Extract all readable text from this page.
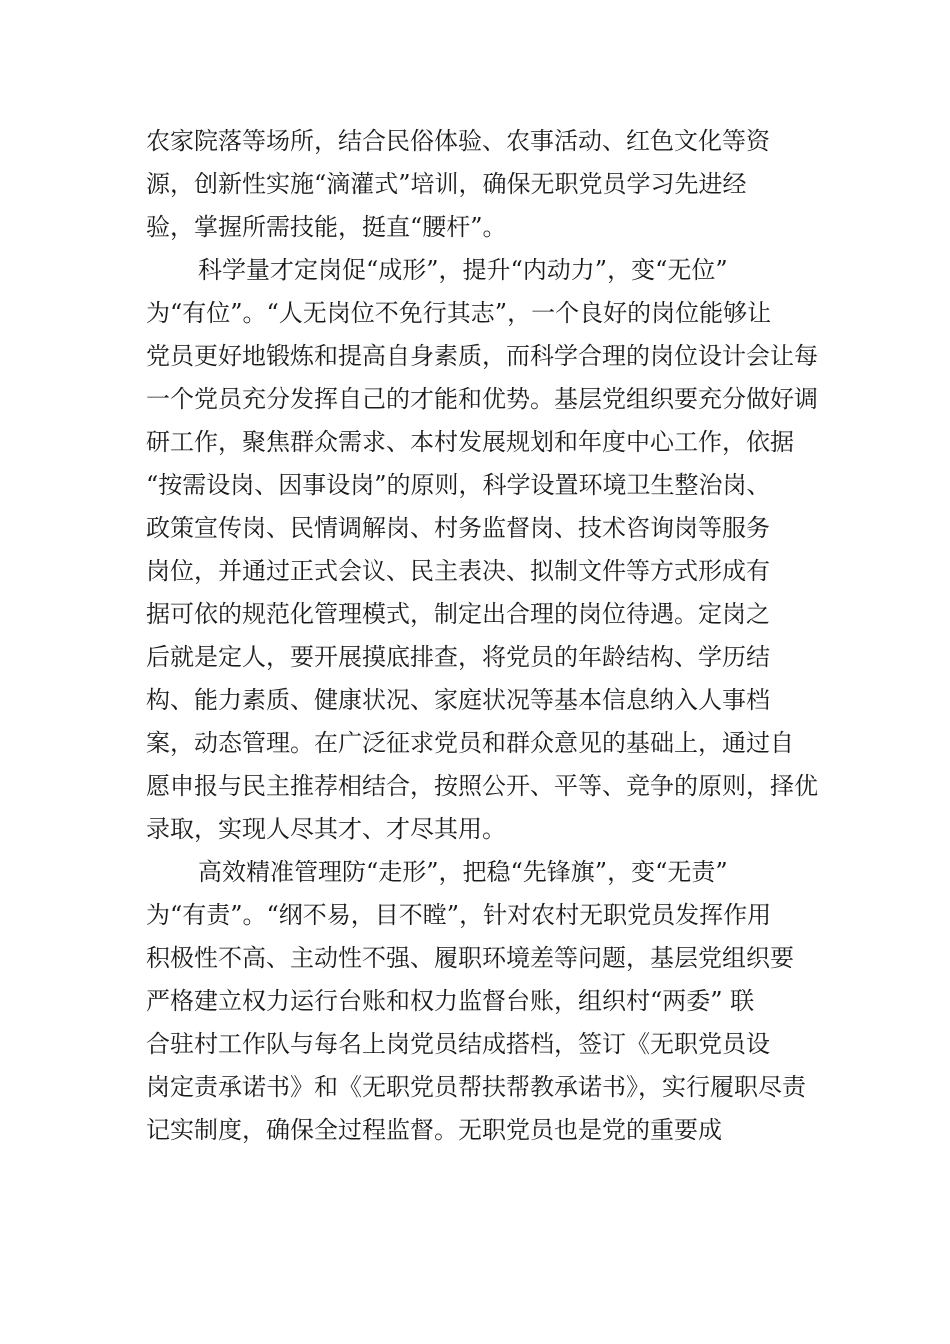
农家院落等场所，结合民俗体验、农事活动、红色文化等资
源，创新性实施“滴灌式”培训，确保无职党员学习先进经
验，掌握所需技能，挺直“腰杆”。
科学量才定岗促“成形”，提升“内动力”，变“无位”
为“有位”。“人无岗位不免行其志”，一个良好的岗位能够让
党员更好地锻炼和提高自身素质，而科学合理的岗位设计会让每
一个党员充分发挥自己的才能和优势。基层党组织要充分做好调
研工作，聚焦群众需求、本村发展规划和年度中心工作，依据
“按需设岗、因事设岗”的原则，科学设置环境卫生整治岗、
政策宣传岗、民情调解岗、村务监督岗、技术咨询岗等服务
岗位，并通过正式会议、民主表决、拟制文件等方式形成有
据可依的规范化管理模式，制定出合理的岗位待遇。定岗之
后就是定人，要开展摸底排查，将党员的年龄结构、学历结
构、能力素质、健康状况、家庭状况等基本信息纳入人事档
案，动态管理。在广泛征求党员和群众意见的基础上，通过自
愿申报与民主推荐相结合，按照公开、平等、竞争的原则，择优
录取，实现人尽其才、才尽其用。
高效精准管理防“走形”，把稳“先锋旗”，变“无责”
为“有责”。“纲不易，目不瞠”，针对农村无职党员发挥作用
积极性不高、主动性不强、履职环境差等问题，基层党组织要
严格建立权力运行台账和权力监督台账，组织村“两委” 联
合驻村工作队与每名上岗党员结成搭档，签订《无职党员设
岗定责承诺书》和《无职党员帮扶帮教承诺书》，实行履职尽责
记实制度，确保全过程监督。无职党员也是党的重要成
